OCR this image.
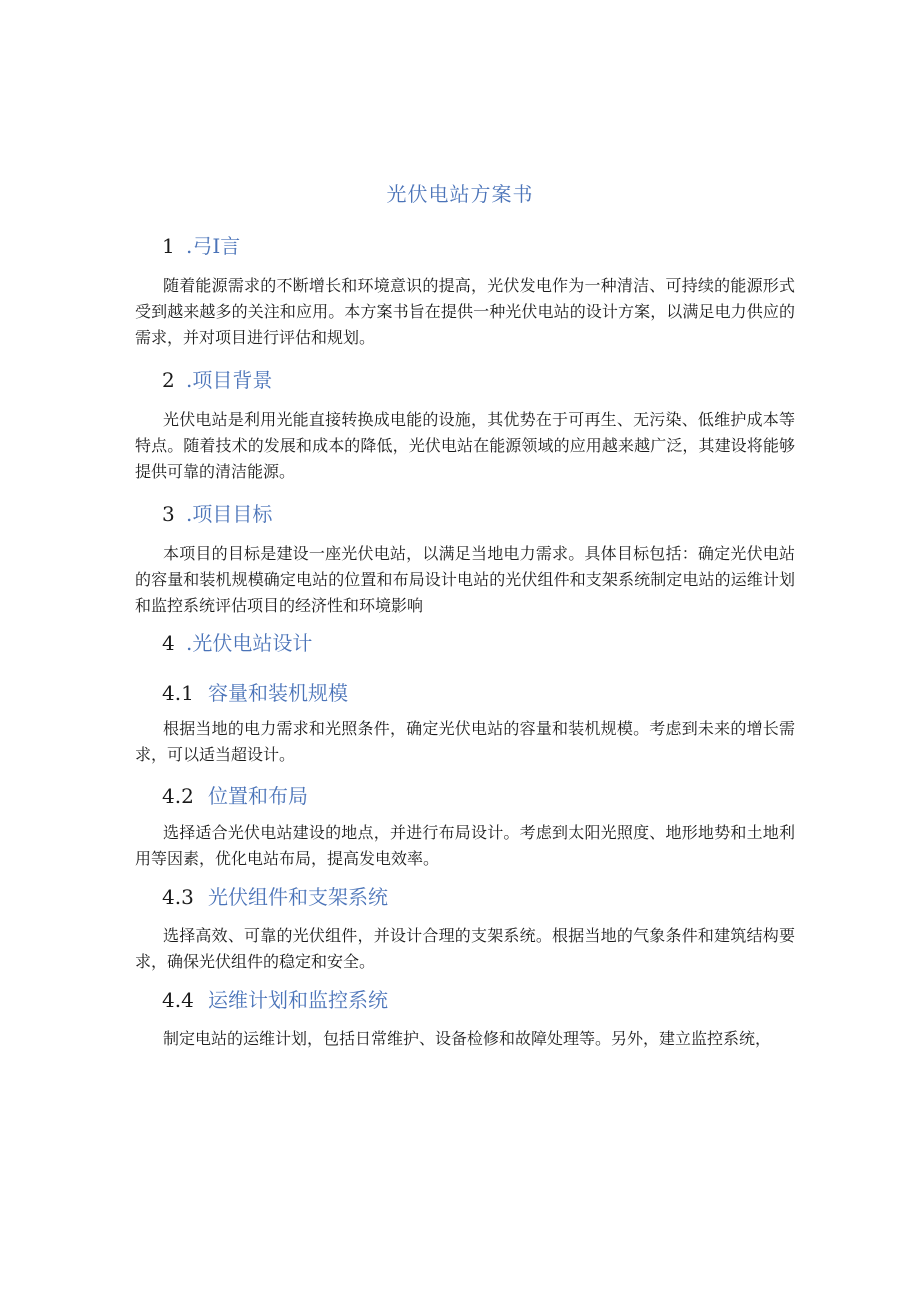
光伏电站方案书
1 .弓I言
随着能源需求的不断增长和环境意识的提高，光伏发电作为一种清洁、可持续的能源形式受到越来越多的关注和应用。本方案书旨在提供一种光伏电站的设计方案，以满足电力供应的需求，并对项目进行评估和规划。
2 .项目背景
光伏电站是利用光能直接转换成电能的设施，其优势在于可再生、无污染、低维护成本等特点。随着技术的发展和成本的降低，光伏电站在能源领域的应用越来越广泛，其建设将能够提供可靠的清洁能源。
3 .项目目标
本项目的目标是建设一座光伏电站，以满足当地电力需求。具体目标包括：确定光伏电站的容量和装机规模确定电站的位置和布局设计电站的光伏组件和支架系统制定电站的运维计划和监控系统评估项目的经济性和环境影响
4 .光伏电站设计
4.1 容量和装机规模
根据当地的电力需求和光照条件，确定光伏电站的容量和装机规模。考虑到未来的增长需求，可以适当超设计。
4.2 位置和布局
选择适合光伏电站建设的地点，并进行布局设计。考虑到太阳光照度、地形地势和土地利用等因素，优化电站布局，提高发电效率。
4.3 光伏组件和支架系统
选择高效、可靠的光伏组件，并设计合理的支架系统。根据当地的气象条件和建筑结构要求，确保光伏组件的稳定和安全。
4.4 运维计划和监控系统
制定电站的运维计划，包括日常维护、设备检修和故障处理等。另外，建立监控系统，
